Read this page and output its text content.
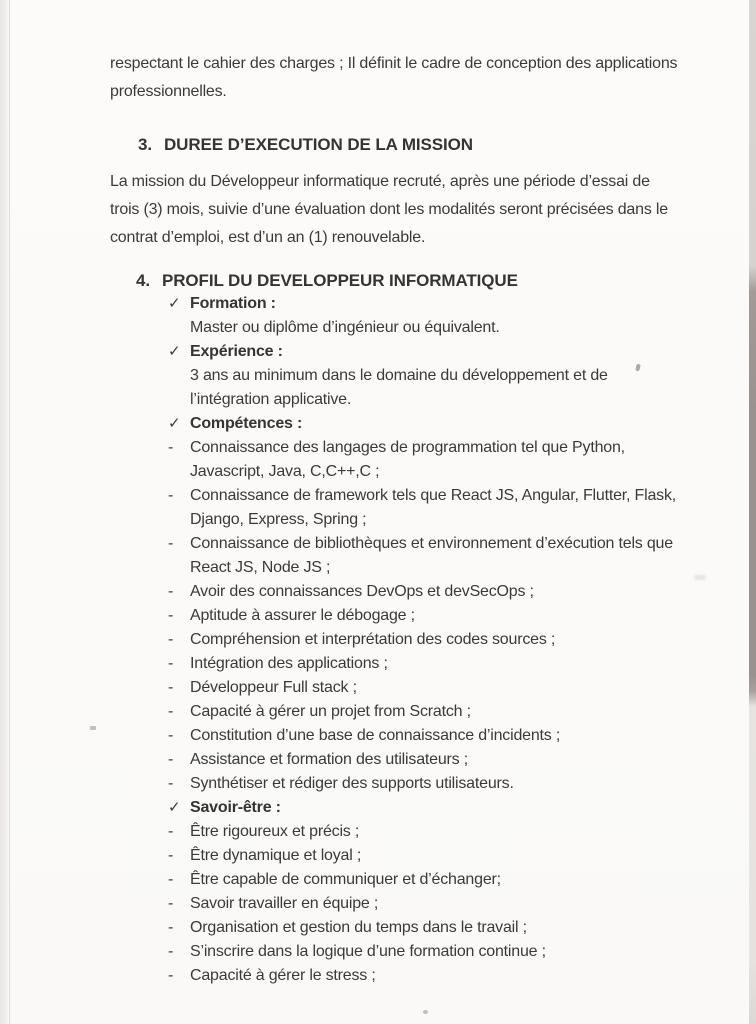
respectant le cahier des charges ; Il définit le cadre de conception des applications
professionnelles.

3. DUREE D’EXECUTION DE LA MISSION

La mission du Développeur informatique recruté, après une période d’essai de
trois (3) mois, suivie d’une évaluation dont les modalités seront précisées dans le
contrat d’emploi, est d’un an (1) renouvelable.

4. PROFIL DU DEVELOPPEUR INFORMATIQUE
✓ Formation :
Master ou diplôme d’ingénieur ou équivalent.
✓ Expérience :
3 ans au minimum dans le domaine du développement et de
l’intégration applicative.
✓ Compétences :
-	Connaissance des langages de programmation tel que Python,
Javascript, Java, C,C++,C ;
-	Connaissance de framework tels que React JS, Angular, Flutter, Flask,
Django, Express, Spring ;
-	Connaissance de bibliothèques et environnement d’exécution tels que
React JS, Node JS ;
-	Avoir des connaissances DevOps et devSecOps ;
-	Aptitude à assurer le débogage ;
-	Compréhension et interprétation des codes sources ;
-	Intégration des applications ;
-	Développeur Full stack ;
-	Capacité à gérer un projet from Scratch ;
-	Constitution d’une base de connaissance d’incidents ;
-	Assistance et formation des utilisateurs ;
-	Synthétiser et rédiger des supports utilisateurs.
✓ Savoir-être :
-	Être rigoureux et précis ;
-	Être dynamique et loyal ;
-	Être capable de communiquer et d’échanger;
-	Savoir travailler en équipe ;
-	Organisation et gestion du temps dans le travail ;
-	S’inscrire dans la logique d’une formation continue ;
-	Capacité à gérer le stress ;
